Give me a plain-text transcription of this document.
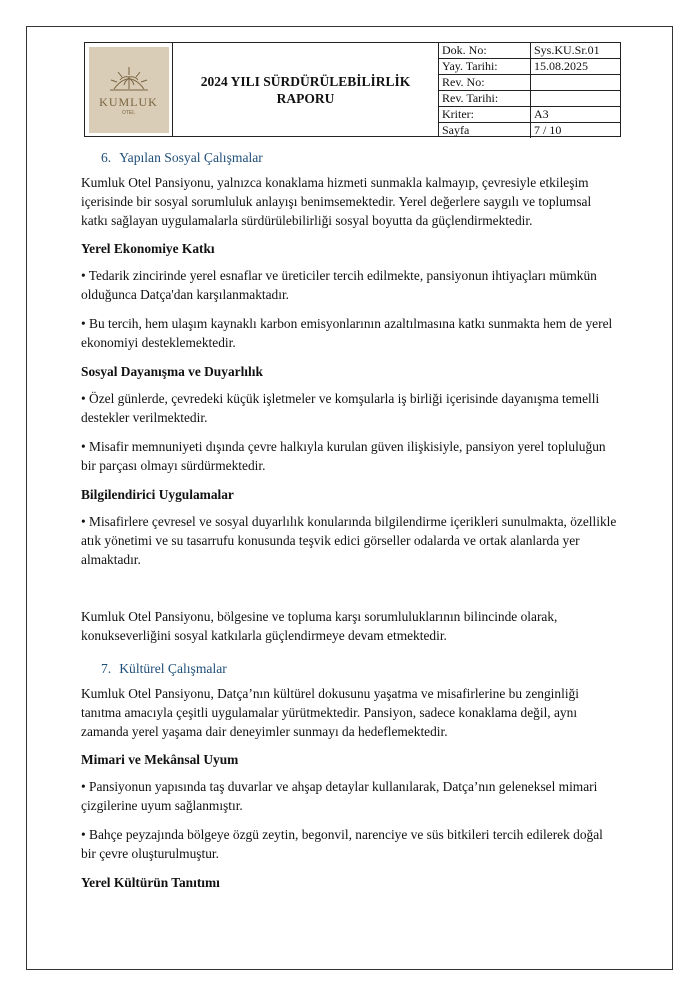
KUMLUK
OTEL
2024 YILI SÜRDÜRÜLEBİLİRLİK RAPORU
Dok. No:	Sys.KU.Sr.01
Yay. Tarihi:	15.08.2025
Rev. No:
Rev. Tarihi:
Kriter:	A3
Sayfa	7 / 10
6. Yapılan Sosyal Çalışmalar

Kumluk Otel Pansiyonu, yalnızca konaklama hizmeti sunmakla kalmayıp, çevresiyle etkileşim içerisinde bir sosyal sorumluluk anlayışı benimsemektedir. Yerel değerlere saygılı ve toplumsal katkı sağlayan uygulamalarla sürdürülebilirliği sosyal boyutta da güçlendirmektedir.

Yerel Ekonomiye Katkı

• Tedarik zincirinde yerel esnaflar ve üreticiler tercih edilmekte, pansiyonun ihtiyaçları mümkün olduğunca Datça'dan karşılanmaktadır.

• Bu tercih, hem ulaşım kaynaklı karbon emisyonlarının azaltılmasına katkı sunmakta hem de yerel ekonomiyi desteklemektedir.

Sosyal Dayanışma ve Duyarlılık

• Özel günlerde, çevredeki küçük işletmeler ve komşularla iş birliği içerisinde dayanışma temelli destekler verilmektedir.

• Misafir memnuniyeti dışında çevre halkıyla kurulan güven ilişkisiyle, pansiyon yerel topluluğun bir parçası olmayı sürdürmektedir.

Bilgilendirici Uygulamalar

• Misafirlere çevresel ve sosyal duyarlılık konularında bilgilendirme içerikleri sunulmakta, özellikle atık yönetimi ve su tasarrufu konusunda teşvik edici görseller odalarda ve ortak alanlarda yer almaktadır.

Kumluk Otel Pansiyonu, bölgesine ve topluma karşı sorumluluklarının bilincinde olarak, konukseverliğini sosyal katkılarla güçlendirmeye devam etmektedir.

7. Kültürel Çalışmalar

Kumluk Otel Pansiyonu, Datça’nın kültürel dokusunu yaşatma ve misafirlerine bu zenginliği tanıtma amacıyla çeşitli uygulamalar yürütmektedir. Pansiyon, sadece konaklama değil, aynı zamanda yerel yaşama dair deneyimler sunmayı da hedeflemektedir.

Mimari ve Mekânsal Uyum

• Pansiyonun yapısında taş duvarlar ve ahşap detaylar kullanılarak, Datça’nın geleneksel mimari çizgilerine uyum sağlanmıştır.

• Bahçe peyzajında bölgeye özgü zeytin, begonvil, narenciye ve süs bitkileri tercih edilerek doğal bir çevre oluşturulmuştur.

Yerel Kültürün Tanıtımı
